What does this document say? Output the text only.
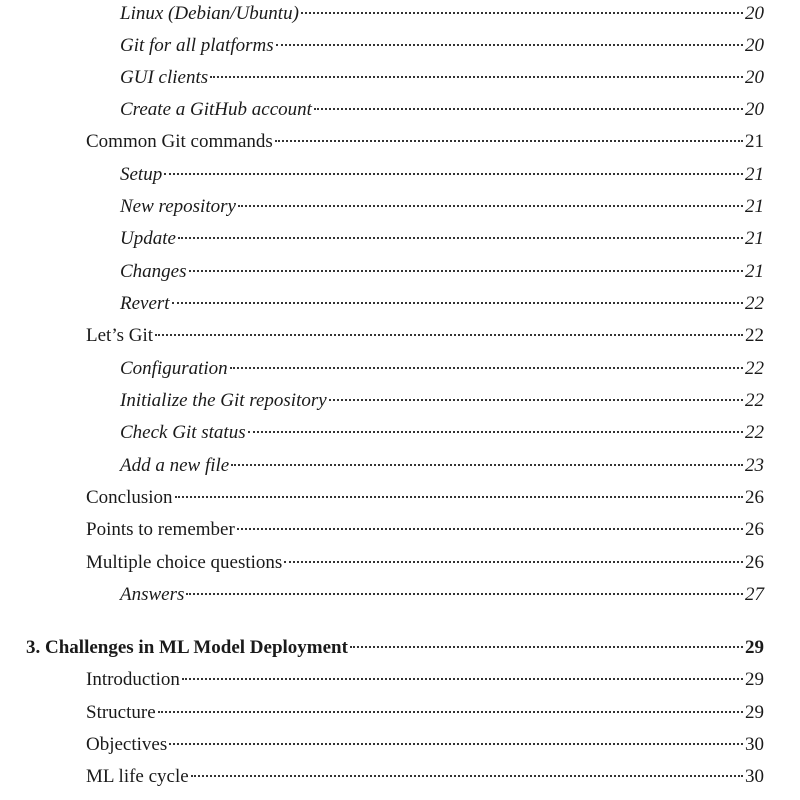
Linux (Debian/Ubuntu)	20
Git for all platforms	20
GUI clients	20
Create a GitHub account	20
Common Git commands	21
Setup	21
New repository	21
Update	21
Changes	21
Revert	22
Let’s Git	22
Configuration	22
Initialize the Git repository	22
Check Git status	22
Add a new file	23
Conclusion	26
Points to remember	26
Multiple choice questions	26
Answers	27
3. Challenges in ML Model Deployment	29
Introduction	29
Structure	29
Objectives	30
ML life cycle	30
